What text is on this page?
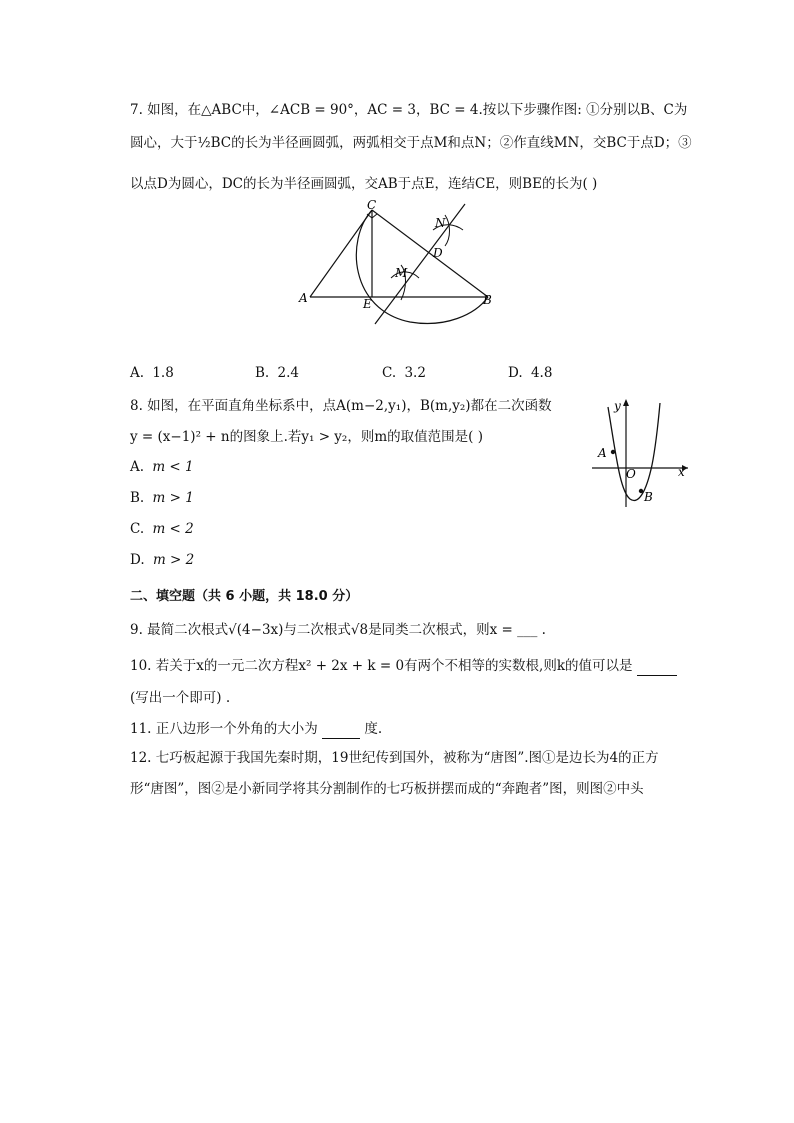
7. 如图，在△ABC中，∠ACB = 90°，AC = 3，BC = 4.按以下步骤作图: ①分别以B、C为
圆心，大于½BC的长为半径画圆弧，两弧相交于点M和点N；②作直线MN，交BC于点D；③
以点D为圆心，DC的长为半径画圆弧，交AB于点E，连结CE，则BE的长为( )
C
A	B
E
D
M
N
A. 1.8	B. 2.4	C. 3.2	D. 4.8
8. 如图，在平面直角坐标系中，点A(m−2,y₁)，B(m,y₂)都在二次函数
y = (x−1)² + n的图象上.若y₁ > y₂，则m的取值范围是( )
A. m < 1
B. m > 1
C. m < 2
D. m > 2
y
x
O
A
B
二、填空题（共 6 小题，共 18.0 分）
9. 最简二次根式√(4−3x)与二次根式√8是同类二次根式，则x = ___ .
10. 若关于x的一元二次方程x² + 2x + k = 0有两个不相等的实数根,则k的值可以是
(写出一个即可) .
11. 正八边形一个外角的大小为	度.
12. 七巧板起源于我国先秦时期，19世纪传到国外，被称为“唐图”.图①是边长为4的正方
形“唐图”，图②是小新同学将其分割制作的七巧板拼摆而成的“奔跑者”图，则图②中头
